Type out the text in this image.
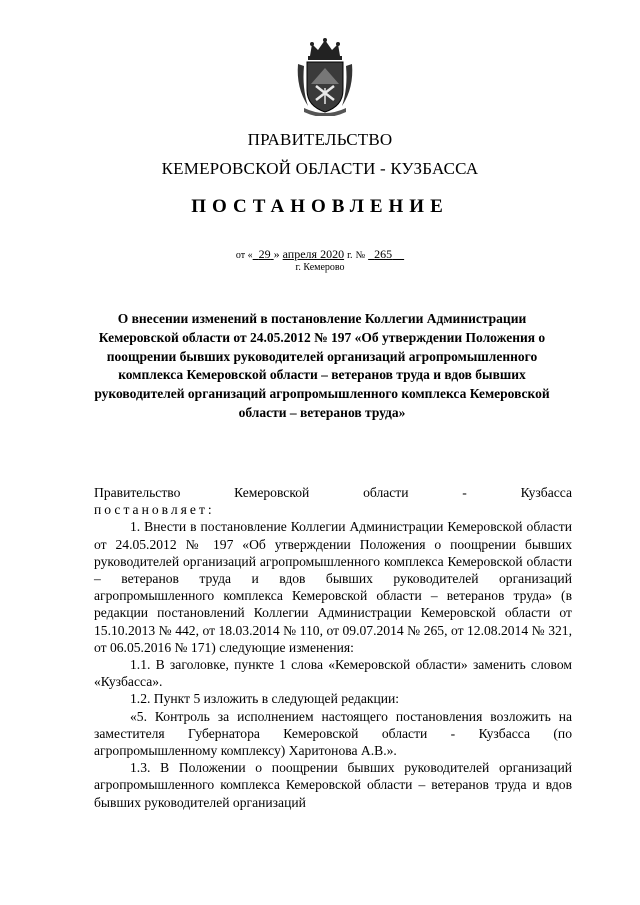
ПРАВИТЕЛЬСТВО
КЕМЕРОВСКОЙ ОБЛАСТИ - КУЗБАССА
ПОСТАНОВЛЕНИЕ
от « 29 » апреля 2020 г. № 265
г. Кемерово
О внесении изменений в постановление Коллегии Администрации Кемеровской области от 24.05.2012 № 197 «Об утверждении Положения о поощрении бывших руководителей организаций агропромышленного комплекса Кемеровской области – ветеранов труда и вдов бывших руководителей организаций агропромышленного комплекса Кемеровской области – ветеранов труда»
Правительство	Кемеровской	области	-	Кузбасса

постановляет:

1. Внести в постановление Коллегии Администрации Кемеровской области от 24.05.2012 № 197 «Об утверждении Положения о поощрении бывших руководителей организаций агропромышленного комплекса Кемеровской области – ветеранов труда и вдов бывших руководителей организаций агропромышленного комплекса Кемеровской области – ветеранов труда» (в редакции постановлений Коллегии Администрации Кемеровской области от 15.10.2013 № 442, от 18.03.2014 № 110, от 09.07.2014 № 265, от 12.08.2014 № 321, от 06.05.2016 № 171) следующие изменения:

1.1. В заголовке, пункте 1 слова «Кемеровской области» заменить словом «Кузбасса».

1.2. Пункт 5 изложить в следующей редакции:

«5. Контроль за исполнением настоящего постановления возложить на заместителя Губернатора Кемеровской области - Кузбасса (по агропромышленному комплексу) Харитонова А.В.».

1.3. В Положении о поощрении бывших руководителей организаций агропромышленного комплекса Кемеровской области – ветеранов труда и вдов бывших руководителей организаций
